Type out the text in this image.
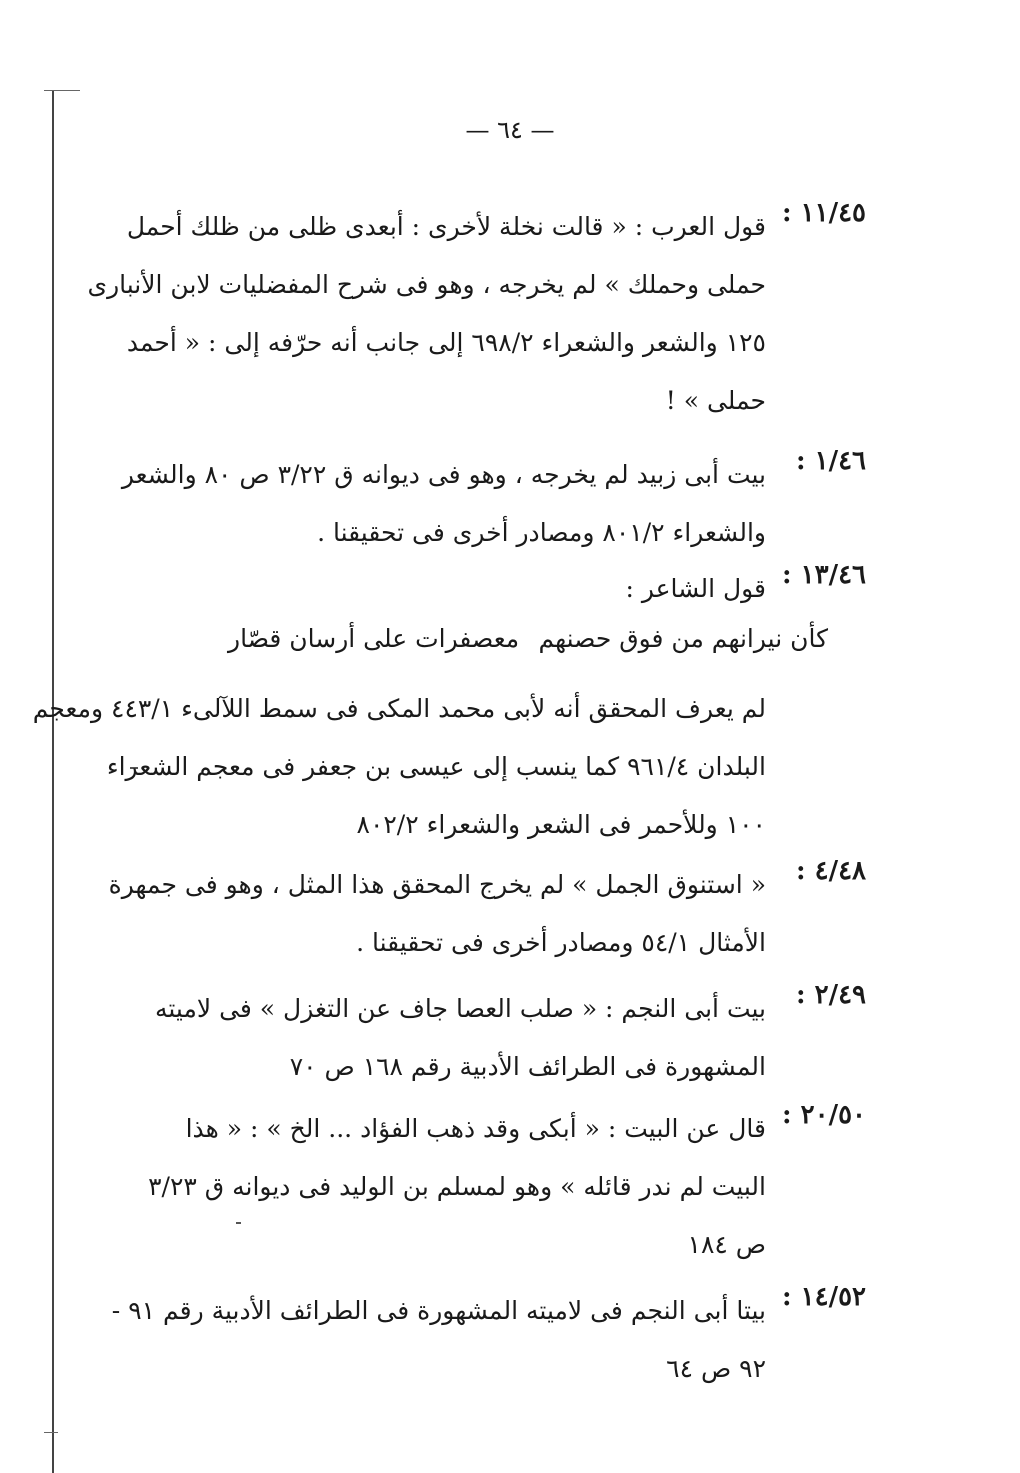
— ٦٤ —
١١/٤٥ :
قول العرب : « قالت نخلة لأخرى : أبعدى ظلى من ظلك أحمل
حملى وحملك » لم يخرجه ، وهو فى شرح المفضليات لابن الأنبارى
١٢٥ والشعر والشعراء ٦٩٨/٢ إلى جانب أنه حرّفه إلى : « أحمد
حملى » !
١/٤٦ :
بيت أبى زبيد لم يخرجه ، وهو فى ديوانه ق ٣/٢٢ ص ٨٠ والشعر
والشعراء ٨٠١/٢ ومصادر أخرى فى تحقيقنا .
١٣/٤٦ :
قول الشاعر :
كأن نيرانهم من فوق حصنهم
معصفرات على أرسان قصّار
لم يعرف المحقق أنه لأبى محمد المكى فى سمط اللآلىء ٤٤٣/١ ومعجم
البلدان ٩٦١/٤ كما ينسب إلى عيسى بن جعفر فى معجم الشعراء
١٠٠ وللأحمر فى الشعر والشعراء ٨٠٢/٢
٤/٤٨ :
« استنوق الجمل » لم يخرج المحقق هذا المثل ، وهو فى جمهرة
الأمثال ٥٤/١ ومصادر أخرى فى تحقيقنا .
٢/٤٩ :
بيت أبى النجم : « صلب العصا جاف عن التغزل » فى لاميته
المشهورة فى الطرائف الأدبية رقم ١٦٨ ص ٧٠
٢٠/٥٠ :
قال عن البيت : « أبكى وقد ذهب الفؤاد ... الخ » : « هذا
البيت لم ندر قائله » وهو لمسلم بن الوليد فى ديوانه ق ٣/٢٣
ص ١٨٤
١٤/٥٢ :
بيتا أبى النجم فى لاميته المشهورة فى الطرائف الأدبية رقم ٩١ -
٩٢ ص ٦٤
